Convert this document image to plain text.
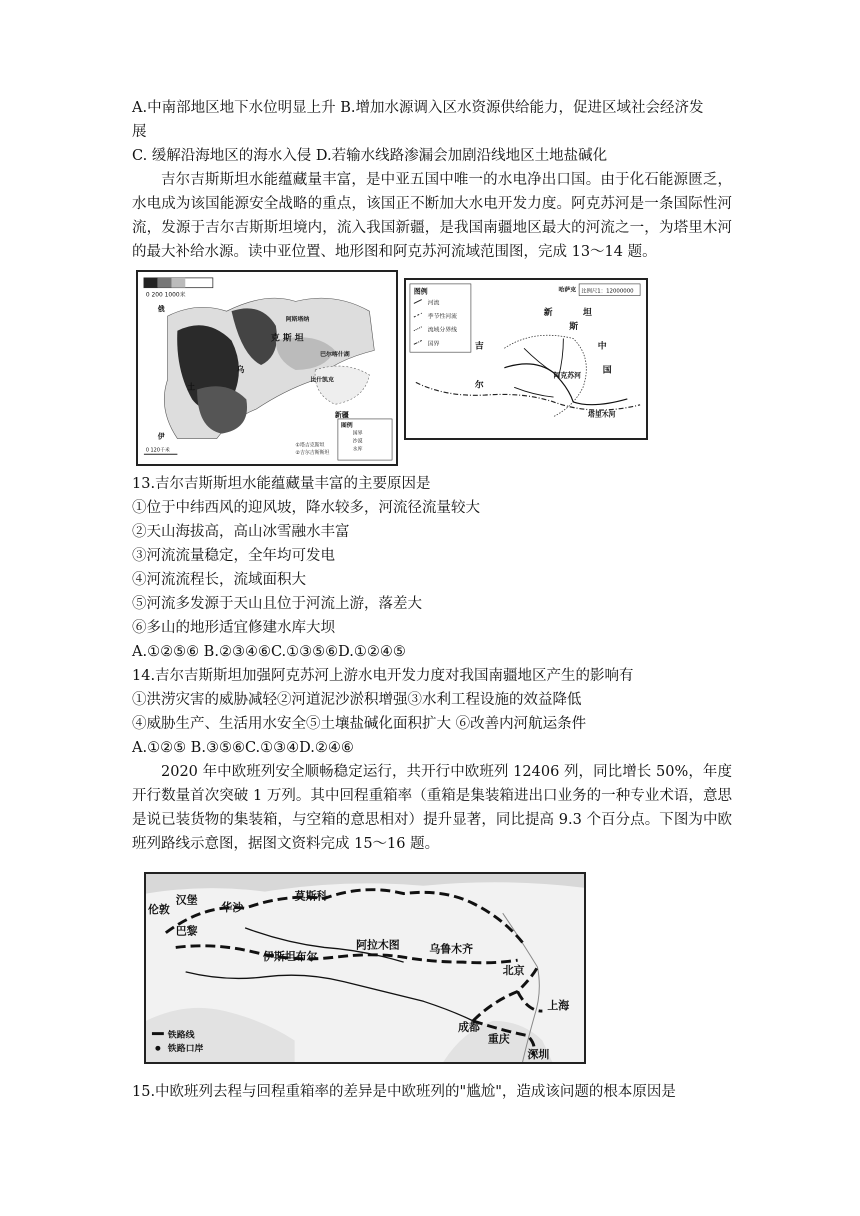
A.中南部地区地下水位明显上升 B.增加水源调入区水资源供给能力，促进区域社会经济发

展

C. 缓解沿海地区的海水入侵 D.若输水线路渗漏会加剧沿线地区土地盐碱化

吉尔吉斯斯坦水能蕴藏量丰富，是中亚五国中唯一的水电净出口国。由于化石能源匮乏，水电成为该国能源安全战略的重点，该国正不断加大水电开发力度。阿克苏河是一条国际性河流，发源于吉尔吉斯斯坦境内，流入我国新疆，是我国南疆地区最大的河流之一，为塔里木河的最大补给水源。读中亚位置、地形图和阿克苏河流域范围图，完成 13～14 题。

0 200 1000米
克 斯 坦
阿斯塔纳
巴尔喀什湖
比什凯克
新疆
土
乌
俄
伊
图例
国界
沙漠
水库
①塔吉克斯坦
②吉尔吉斯斯坦
0 120千米
图例
河流
季节性河流
流域分界线
国界
比例尺1：12000000
哈萨克
新	坦
斯
中
国
吉
尔
阿克苏河
塔里木河

13.吉尔吉斯斯坦水能蕴藏量丰富的主要原因是

①位于中纬西风的迎风坡，降水较多，河流径流量较大

②天山海拔高，高山冰雪融水丰富

③河流流量稳定，全年均可发电

④河流流程长，流域面积大

⑤河流多发源于天山且位于河流上游，落差大

⑥多山的地形适宜修建水库大坝

A.①②⑤⑥ B.②③④⑥C.①③⑤⑥D.①②④⑤

14.吉尔吉斯斯坦加强阿克苏河上游水电开发力度对我国南疆地区产生的影响有

①洪涝灾害的威胁减轻②河道泥沙淤积增强③水利工程设施的效益降低

④威胁生产、生活用水安全⑤土壤盐碱化面积扩大 ⑥改善内河航运条件

A.①②⑤ B.③⑤⑥C.①③④D.②④⑥

2020 年中欧班列安全顺畅稳定运行，共开行中欧班列 12406 列，同比增长 50%，年度开行数量首次突破 1 万列。其中回程重箱率（重箱是集装箱进出口业务的一种专业术语，意思是说已装货物的集装箱，与空箱的意思相对）提升显著，同比提高 9.3 个百分点。下图为中欧班列路线示意图，据图文资料完成 15～16 题。

伦敦
汉堡
华沙
莫斯科
巴黎
伊斯坦布尔
阿拉木图	乌鲁木齐
北京
成都
重庆
上海
深圳
铁路线
铁路口岸

15.中欧班列去程与回程重箱率的差异是中欧班列的"尴尬"，造成该问题的根本原因是
